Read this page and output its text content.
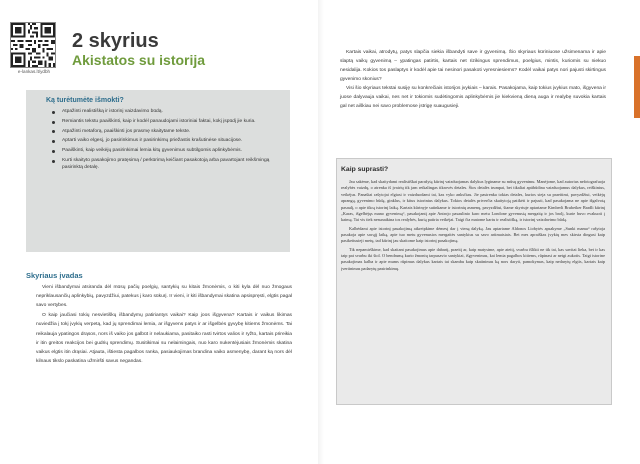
e-lankas.lt/ydbh
2 skyrius
Akistatos su istorija
Ką turėtumėte išmokti?
Atpažinti realistišką ir istorinį vaizdavimo būdą.
Remiantis tekstu paaiškinti, kaip ir kodėl panaudojami istoriniai faktai, kokį įspūdį jie kuria.
Atpažinti metaforą, paaiškinti jos prasmę skaitytame tekste.
Aptarti vaiko elgesį, jo pasirinkimus ir pasirinkimų priežastis krašutinėse situacijose.
Paaiškinti, kaip veikėjų pasirinkimai lemia kitų gyvenimus subtilgomis aplinkybėmis.
Kurti skaityto pasakojimo pratęsimą / perkūrimą keičiant pasakotoją arba pavartojant reikšmingą pasirinktą detalę.
Skyriaus įvadas

Vieni išbandymai atsiranda dėl mūsų pačių poelgių, santykių su kitais žmonėmis, o kiti kyla dėl nuo žmogaus nepriklausančių aplinkybių, pavyzdžiui, patekus į karo sūkurį. Ir vieni, ir kiti išbandymai skatina apsispręsti, elgtis pagal savo vertybes.

O kaip jaučiasi tokių nesvietiškų išbandymų patiriantys vaikai? Kaip joos išgyvena? Kartais ir vaikus likimas nuviedžia į tokį įvykių verpetą, kad jų sprendimai lemia, ar išgyvens patys ir ar išgelbės gyvybę kitiems žmonėms. Tai reikalauja ypatingos drąsos, nors iš vaiko jos galbūt ir nelaukiama, pasitaiko rasti tvirtos valios ir ryžto, kartais prireikia ir itin greitos reakcijos bei gudrių sprendimų. Susitikimai su nelaimingais, nuo karo nukentėjusiais žmonėmis skatina vaikus elgtis itin drąsiai. Atjauta, ištiesta pagalbos ranka, pasiaukojimas brandina vaiko asmenybę, darant ką nors dėl kilnaus tikslo paskatina užmiršti savus negandas.

Kartais vaikai, atrodytų, patys slapčia siekia išbandyti save ir gyvenimą. Šio skyriaus kūriniuose užsimenama ir apie slaptą vaikų gyvenimą – ypatingas patirtis, kartais net rizikingus sprendimus, poelgius, mintis, kuriomis su niekuo nesidalija. Kokios tos paslaptys ir kodėl apie tai nesinori pasakoti vyresniesiems? Kodėl vaikai patys nori pajusti skirtingus gyvenimo skonius?

Visi šio skyriaus tekstai susiję su konkrečiais istorijos įvykiais – karais. Pasakojama, kaip tokius įvykius mato, išgyvena ir juose dalyvauja vaikai, nes net ir tokiomis sudėtingomis aplinkybėmis jie kiekvieną dieną auga ir realybę suvokia kartais gal net aiškiau nei savo problemose įstrigę suaugusieji.

Kaip suprasti?

Jau sakėme, kad skaitydami realistiškai parašytą kūrinį vaizduojamas dalykus lyginame su mūsų gyvenimu. Manėjome, kad autorius nefotografuoja realybės vaizdų, o atrenka iš įvairių tik jam reikalingas tikrovės detales. Šios detalės trumpai, bet tikaliai aptibūdina vaizduojamus dalykus, reiškinius, veikėjus. Panašiai rašytojai elgiasi ir vaizduodami tai, kas vyko anksčiau. Jie pasirenka tokias detales, kurios sieja su praeitimi, pavyzdžiui, veikėjų aprangą, gyvenimo būdą, ginklus, ir kitus istorinius dalykus. Tokios detalės priverčia skaitytoją patikėti ir pajusti, kad pasakojama ne apie išgalvotą pasaulį, o apie tikrą istorinį laiką. Kartais kūrinyje sutinkame ir istorinių asmenų, pavyzdžiui, šiame skyriuje aptariame Kimberli Brubeiker Bradli kūrinį „Karas, išgelbėjęs mano gyvenimą“, pasakojantį apie Antrojo pasaulinio karo metu Londone gyvenusią mergaitę ir jos brolį, kurie buvo evakuoti į kaimą. Tai vis tiek nesunaikina tos realybės, kurią patiria veikėjai. Taigi čia matome kartu ir realistišką, ir istorinį vaizdavimo būdą.

Kalbėdami apie istorinį pasakojimą atkreipkime dėmesį dar į vieną dalyką. Jau aptartame Aldonos Liobytės apsakyme „Sunki mama“ rašytoja pasakoja apie savąjį laiką, apie tuo metu gyvenusios mergaitės santykius su savo artimaisiais. Bet mes apraiškas įvykių mes skirsta dingusi kaip pasikeitusieji metų, tad kūrinį jau skaitome kaip istorinį pasakojimą.

Tik nepamirškime, kad skaitant pasakojimus apie dabartį, praeitį ar, kaip matysime, apie ateitį, svarbu išlikti ne tik tai, kas savitai lieka, bet ir kas taip pat svarbu iki šiol. O bendrumą kurio žmonių tarpusavio santykiai, išgyvenimas, kai lemia pagalbos kitiems, rūpinasi ar netgi aukotis. Taigi istorine pasakojimas kalba ir apie mums rūpimus dalykus kartais tai skambu kaip skatinimas ką nors daryti, pamokymas, kaip nedarytų elgtis, kartais kaip įvertinimas padarytų pasirinkimų.
